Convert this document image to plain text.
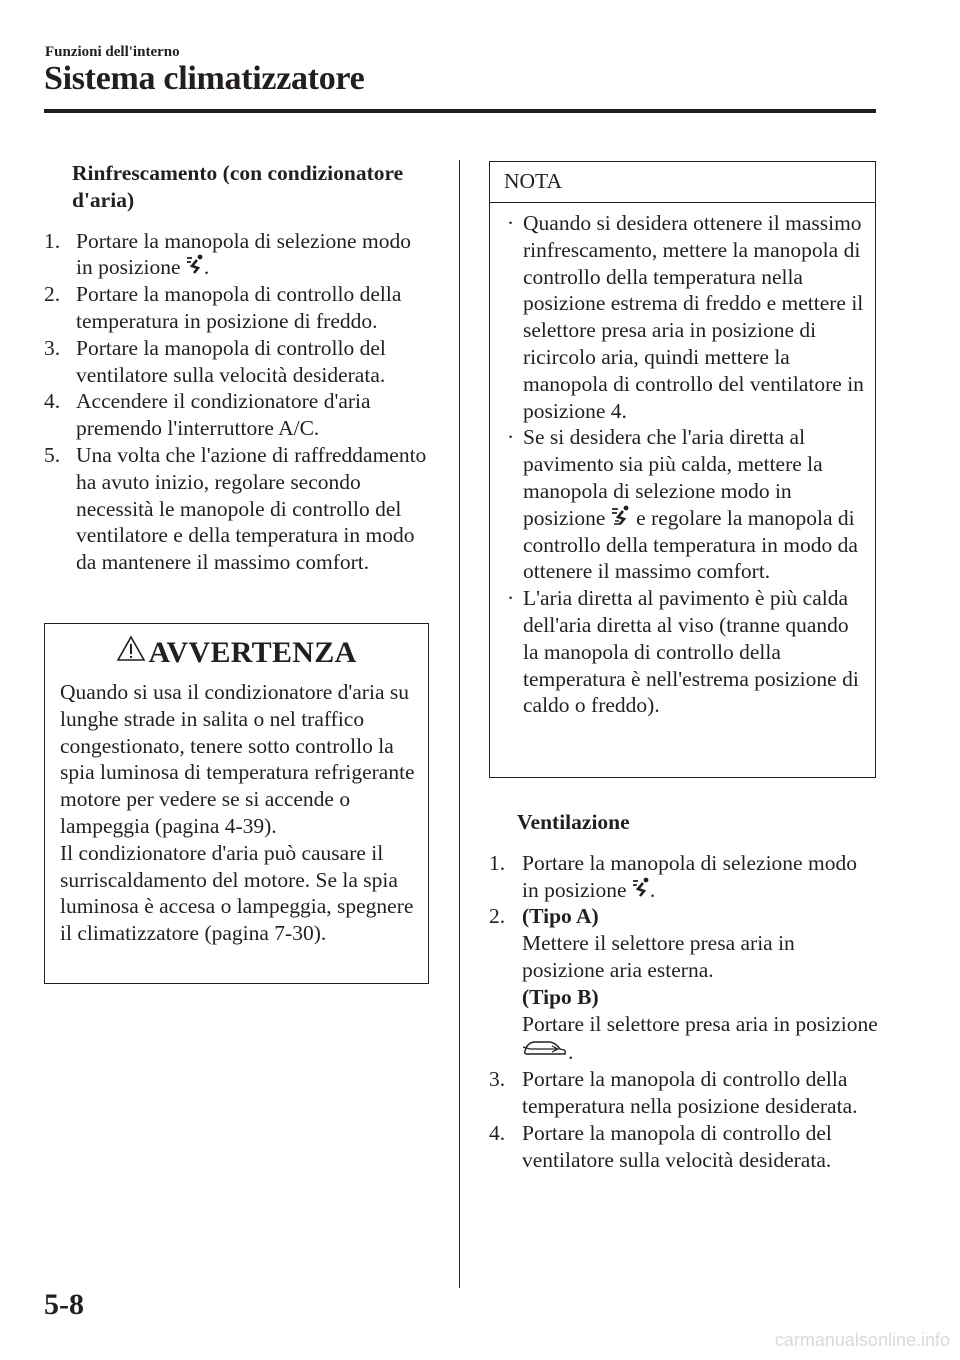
Funzioni dell'interno
Sistema climatizzatore
Rinfrescamento (con condizionatore d'aria)
1. Portare la manopola di selezione modo in posizione .
2. Portare la manopola di controllo della temperatura in posizione di freddo.
3. Portare la manopola di controllo del ventilatore sulla velocità desiderata.
4. Accendere il condizionatore d'aria premendo l'interruttore A/C.
5. Una volta che l'azione di raffreddamento ha avuto inizio, regolare secondo necessità le manopole di controllo del ventilatore e della temperatura in modo da mantenere il massimo comfort.
AVVERTENZA
Quando si usa il condizionatore d'aria su lunghe strade in salita o nel traffico congestionato, tenere sotto controllo la spia luminosa di temperatura refrigerante motore per vedere se si accende o lampeggia (pagina 4-39).
Il condizionatore d'aria può causare il surriscaldamento del motore. Se la spia luminosa è accesa o lampeggia, spegnere il climatizzatore (pagina 7-30).
NOTA
· Quando si desidera ottenere il massimo rinfrescamento, mettere la manopola di controllo della temperatura nella posizione estrema di freddo e mettere il selettore presa aria in posizione di ricircolo aria, quindi mettere la manopola di controllo del ventilatore in posizione 4.
· Se si desidera che l'aria diretta al pavimento sia più calda, mettere la manopola di selezione modo in posizione e regolare la manopola di controllo della temperatura in modo da ottenere il massimo comfort.
· L'aria diretta al pavimento è più calda dell'aria diretta al viso (tranne quando la manopola di controllo della temperatura è nell'estrema posizione di caldo o freddo).
Ventilazione
1. Portare la manopola di selezione modo in posizione .
2. (Tipo A)
Mettere il selettore presa aria in posizione aria esterna.
(Tipo B)
Portare il selettore presa aria in posizione .
3. Portare la manopola di controllo della temperatura nella posizione desiderata.
4. Portare la manopola di controllo del ventilatore sulla velocità desiderata.
5-8
carmanualsonline.info
